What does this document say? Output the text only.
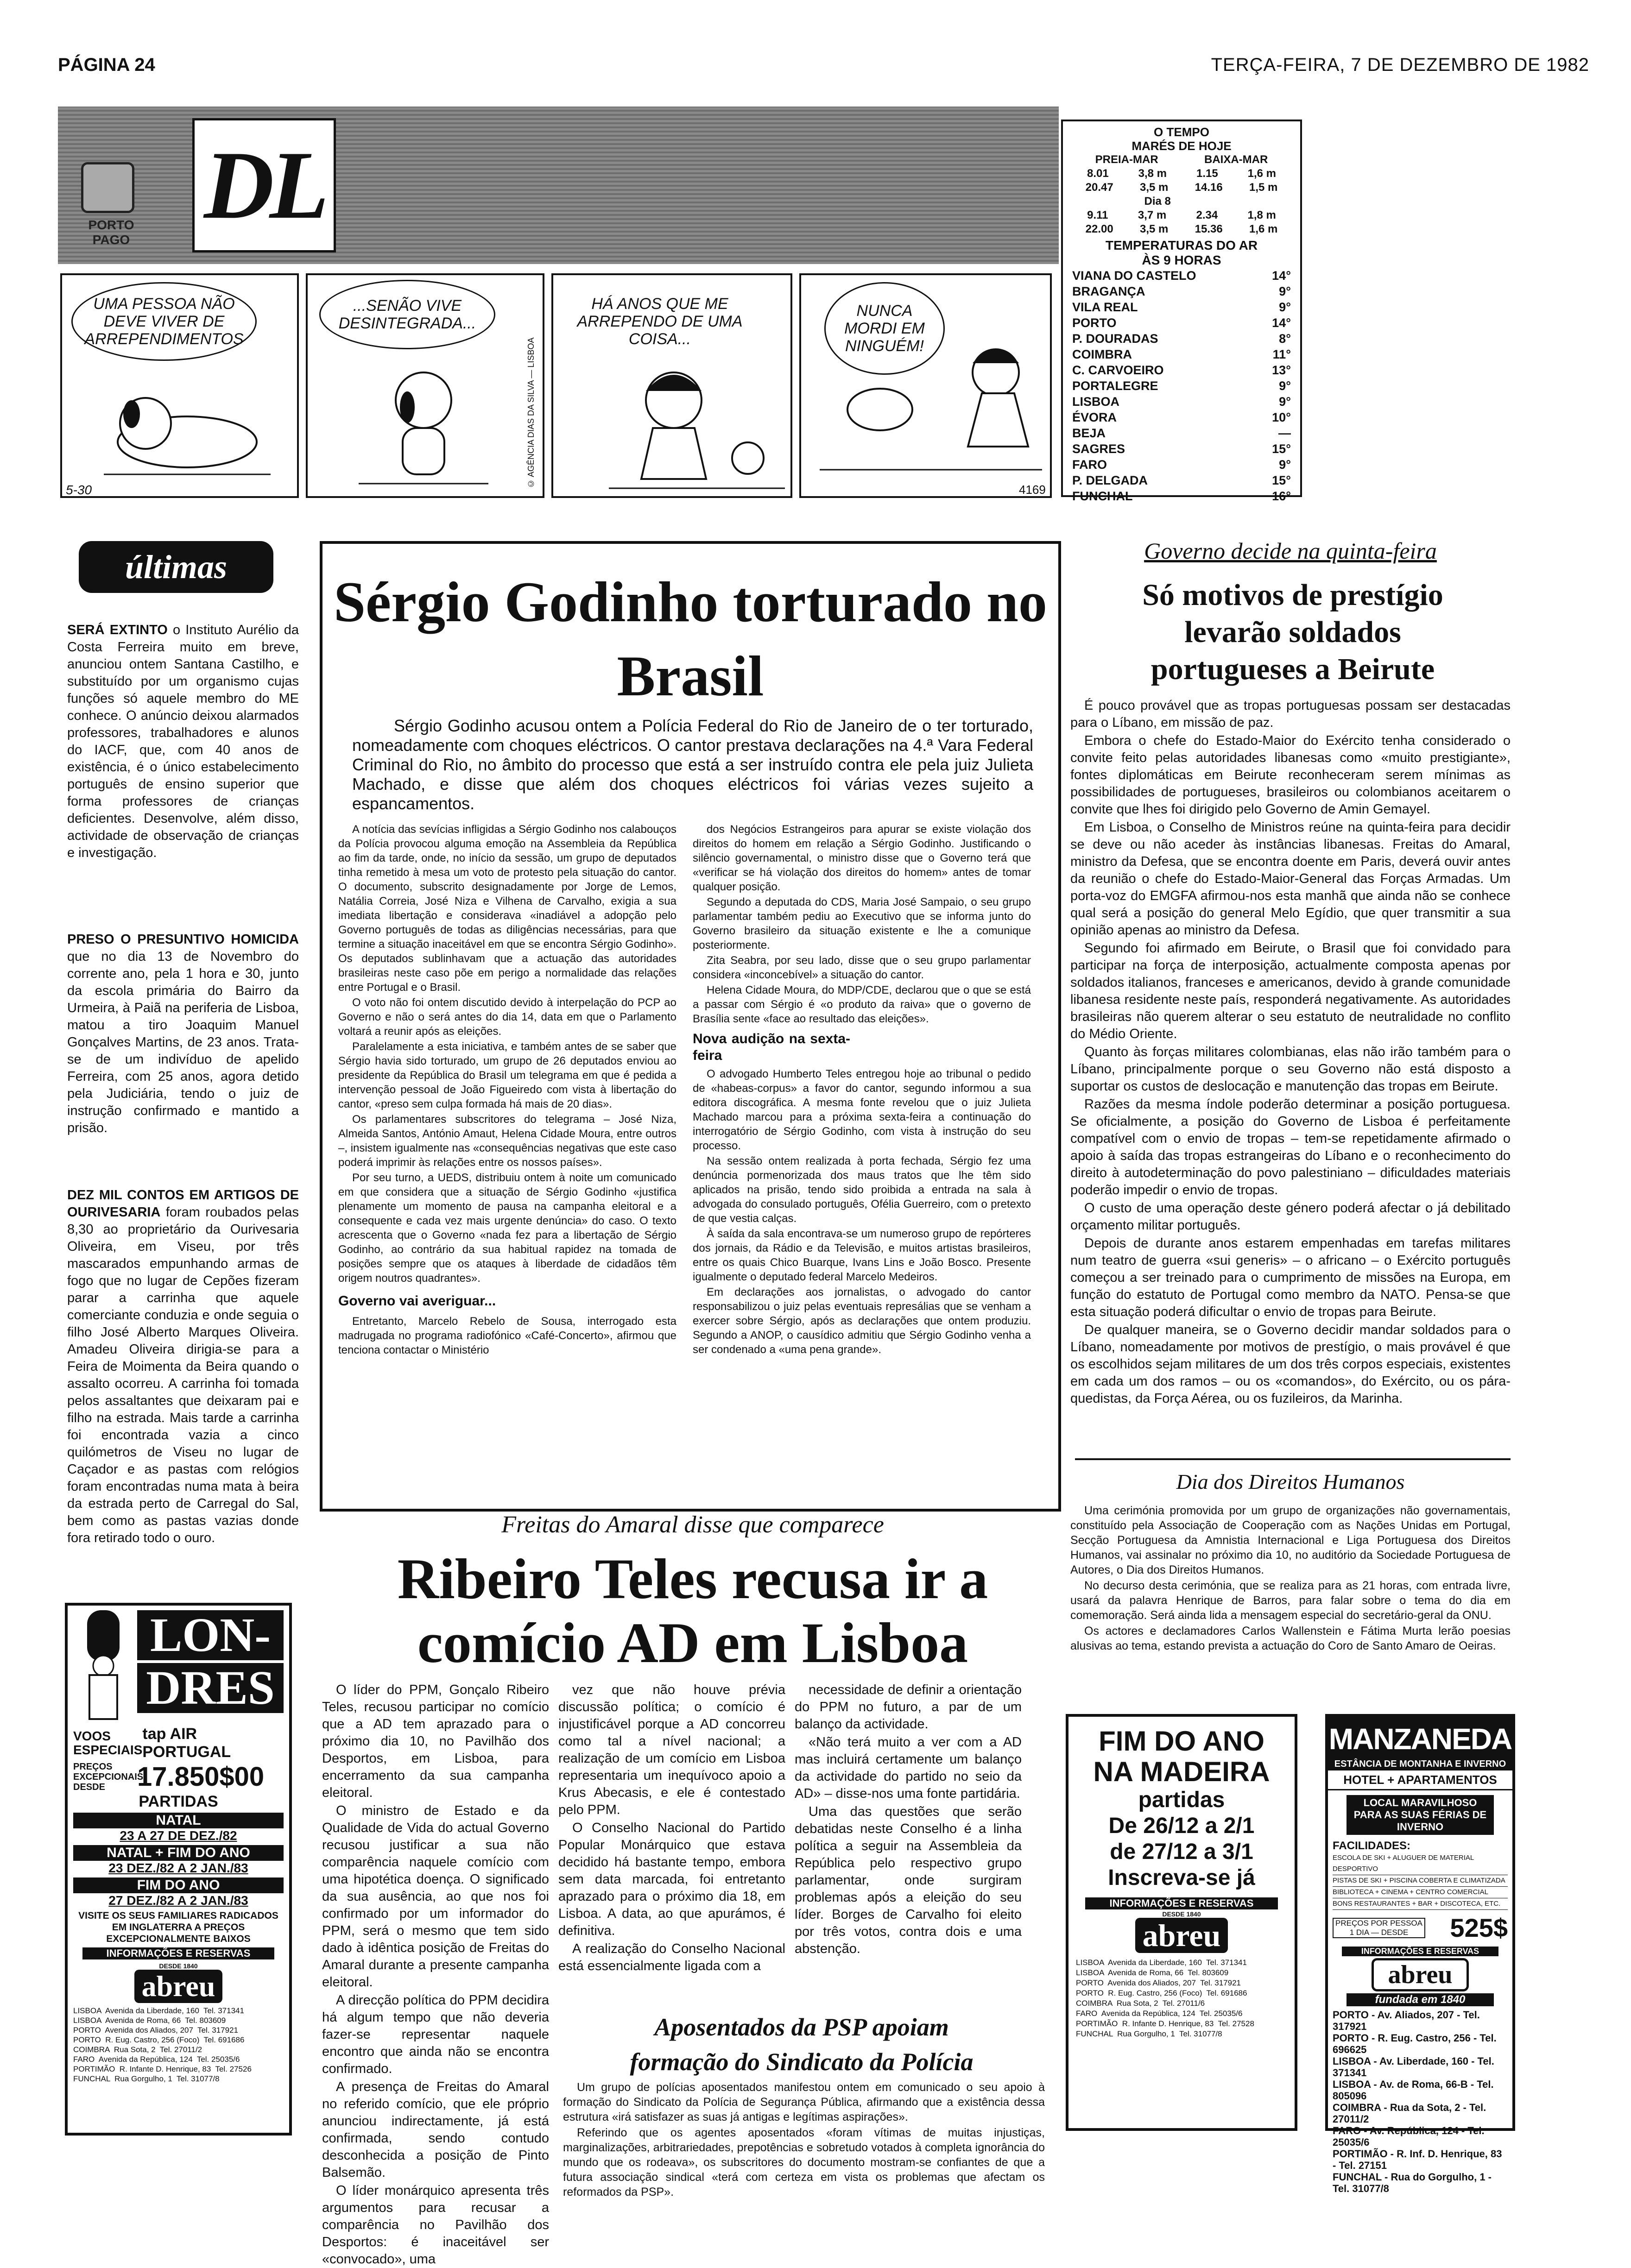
PÁGINA 24	TERÇA-FEIRA, 7 DE DEZEMBRO DE 1982
PORTO PAGO
DL	O TEMPO
MARÉS DE HOJE
PREIA-MAR	BAIXA-MAR
8.01	3,8 m	1.15	1,6 m
20.47 3,5 m 14.16 1,5 m
Dia 8
9.11	3,7 m	2.34	1,8 m
22.00 3,5 m 15.36 1,6 m
TEMPERATURAS DO AR
ÀS 9 HORAS
VIANA DO CASTELO	14°
BRAGANÇA	9°
VILA REAL	9°
PORTO	14°
P. DOURADAS	8°
COIMBRA	11°
C. CARVOEIRO	13°
PORTALEGRE	9°
LISBOA	9°
ÉVORA	10°
BEJA	—
SAGRES	15°
FARO	9°
P. DELGADA	15°
FUNCHAL	16°
UMA PESSOA NÃO DEVE VIVER DE ARREPENDIMENTOS
5-30
...SENÃO VIVE DESINTEGRADA...
© AGÊNCIA DIAS DA SILVA — LISBOA
HÁ ANOS QUE ME ARREPENDO DE UMA COISA...
NUNCA MORDI EM NINGUÉM!
4169
últimas

SERÁ EXTINTO o Instituto Aurélio da Costa Ferreira muito em breve, anunciou ontem Santana Castilho, e substituído por um organismo cujas funções só aquele membro do ME conhece. O anúncio deixou alarmados professores, trabalhadores e alunos do IACF, que, com 40 anos de existência, é o único estabelecimento português de ensino superior que forma professores de crianças deficientes. Desenvolve, além disso, actividade de observação de crianças e investigação.

PRESO O PRESUNTIVO HOMICIDA que no dia 13 de Novembro do corrente ano, pela 1 hora e 30, junto da escola primária do Bairro da Urmeira, à Paiã na periferia de Lisboa, matou a tiro Joaquim Manuel Gonçalves Martins, de 23 anos. Trata-se de um indivíduo de apelido Ferreira, com 25 anos, agora detido pela Judiciária, tendo o juiz de instrução confirmado e mantido a prisão.

DEZ MIL CONTOS EM ARTIGOS DE OURIVESARIA foram roubados pelas 8,30 ao proprietário da Ourivesaria Oliveira, em Viseu, por três mascarados empunhando armas de fogo que no lugar de Cepões fizeram parar a carrinha que aquele comerciante conduzia e onde seguia o filho José Alberto Marques Oliveira. Amadeu Oliveira dirigia-se para a Feira de Moimenta da Beira quando o assalto ocorreu. A carrinha foi tomada pelos assaltantes que deixaram pai e filho na estrada. Mais tarde a carrinha foi encontrada vazia a cinco quilómetros de Viseu no lugar de Caçador e as pastas com relógios foram encontradas numa mata à beira da estrada perto de Carregal do Sal, bem como as pastas vazias donde fora retirado todo o ouro.

LON-
DRES
VOOS ESPECIAIS
tap AIR PORTUGAL
PREÇOS EXCEPCIONAIS DESDE	17.850$00
PARTIDAS
NATAL
23 A 27 DE DEZ./82
NATAL + FIM DO ANO
23 DEZ./82 A 2 JAN./83
FIM DO ANO
27 DEZ./82 A 2 JAN./83
VISITE OS SEUS FAMILIARES RADICADOS EM INGLATERRA A PREÇOS EXCEPCIONALMENTE BAIXOS
INFORMAÇÕES E RESERVAS
DESDE 1840
abreu
LISBOA  Avenida da Liberdade, 160  Tel. 371341
LISBOA  Avenida de Roma, 66  Tel. 803609
PORTO  Avenida dos Aliados, 207  Tel. 317921
PORTO  R. Eug. Castro, 256 (Foco)  Tel. 691686
COIMBRA  Rua Sota, 2  Tel. 27011/2
FARO  Avenida da República, 124  Tel. 25035/6
PORTIMÃO  R. Infante D. Henrique, 83  Tel. 27526
FUNCHAL  Rua Gorgulho, 1  Tel. 31077/8
Sérgio Godinho torturado no Brasil
Sérgio Godinho acusou ontem a Polícia Federal do Rio de Janeiro de o ter torturado, nomeadamente com choques eléctricos. O cantor prestava declarações na 4.ª Vara Federal Criminal do Rio, no âmbito do processo que está a ser instruído contra ele pela juiz Julieta Machado, e disse que além dos choques eléctricos foi várias vezes sujeito a espancamentos.

A notícia das sevícias infligidas a Sérgio Godinho nos calabouços da Polícia provocou alguma emoção na Assembleia da República ao fim da tarde, onde, no início da sessão, um grupo de deputados tinha remetido à mesa um voto de protesto pela situação do cantor. O documento, subscrito designadamente por Jorge de Lemos, Natália Correia, José Niza e Vilhena de Carvalho, exigia a sua imediata libertação e considerava «inadiável a adopção pelo Governo português de todas as diligências necessárias, para que termine a situação inaceitável em que se encontra Sérgio Godinho». Os deputados sublinhavam que a actuação das autoridades brasileiras neste caso põe em perigo a normalidade das relações entre Portugal e o Brasil.

O voto não foi ontem discutido devido à interpelação do PCP ao Governo e não o será antes do dia 14, data em que o Parlamento voltará a reunir após as eleições.

Paralelamente a esta iniciativa, e também antes de se saber que Sérgio havia sido torturado, um grupo de 26 deputados enviou ao presidente da República do Brasil um telegrama em que é pedida a intervenção pessoal de João Figueiredo com vista à libertação do cantor, «preso sem culpa formada há mais de 20 dias».

Os parlamentares subscritores do telegrama – José Niza, Almeida Santos, António Amaut, Helena Cidade Moura, entre outros –, insistem igualmente nas «consequências negativas que este caso poderá imprimir às relações entre os nossos países».

Por seu turno, a UEDS, distribuiu ontem à noite um comunicado em que considera que a situação de Sérgio Godinho «justifica plenamente um momento de pausa na campanha eleitoral e a consequente e cada vez mais urgente denúncia» do caso. O texto acrescenta que o Governo «nada fez para a libertação de Sérgio Godinho, ao contrário da sua habitual rapidez na tomada de posições sempre que os ataques à liberdade de cidadãos têm origem noutros quadrantes».

Governo vai averiguar...

Entretanto, Marcelo Rebelo de Sousa, interrogado esta madrugada no programa radiofónico «Café-Concerto», afirmou que tenciona contactar o Ministério

dos Negócios Estrangeiros para apurar se existe violação dos direitos do homem em relação a Sérgio Godinho. Justificando o silêncio governamental, o ministro disse que o Governo terá que «verificar se há violação dos direitos do homem» antes de tomar qualquer posição.

Segundo a deputada do CDS, Maria José Sampaio, o seu grupo parlamentar também pediu ao Executivo que se informa junto do Governo brasileiro da situação existente e lhe a comunique posteriormente.

Zita Seabra, por seu lado, disse que o seu grupo parlamentar considera «inconcebível» a situação do cantor.

Helena Cidade Moura, do MDP/CDE, declarou que o que se está a passar com Sérgio é «o produto da raiva» que o governo de Brasília sente «face ao resultado das eleições».

Nova audição na sexta-feira

O advogado Humberto Teles entregou hoje ao tribunal o pedido de «habeas-corpus» a favor do cantor, segundo informou a sua editora discográfica. A mesma fonte revelou que o juiz Julieta Machado marcou para a próxima sexta-feira a continuação do interrogatório de Sérgio Godinho, com vista à instrução do seu processo.

Na sessão ontem realizada à porta fechada, Sérgio fez uma denúncia pormenorizada dos maus tratos que lhe têm sido aplicados na prisão, tendo sido proibida a entrada na sala à advogada do consulado português, Ofélia Guerreiro, com o pretexto de que vestia calças.

À saída da sala encontrava-se um numeroso grupo de repórteres dos jornais, da Rádio e da Televisão, e muitos artistas brasileiros, entre os quais Chico Buarque, Ivans Lins e João Bosco. Presente igualmente o deputado federal Marcelo Medeiros.

Em declarações aos jornalistas, o advogado do cantor responsabilizou o juiz pelas eventuais represálias que se venham a exercer sobre Sérgio, após as declarações que ontem produziu. Segundo a ANOP, o causídico admitiu que Sérgio Godinho venha a ser condenado a «uma pena grande».

Governo decide na quinta-feira
Só motivos de prestígio levarão soldados portugueses a Beirute

É pouco provável que as tropas portuguesas possam ser destacadas para o Líbano, em missão de paz.

Embora o chefe do Estado-Maior do Exército tenha considerado o convite feito pelas autoridades libanesas como «muito prestigiante», fontes diplomáticas em Beirute reconheceram serem mínimas as possibilidades de portugueses, brasileiros ou colombianos aceitarem o convite que lhes foi dirigido pelo Governo de Amin Gemayel.

Em Lisboa, o Conselho de Ministros reúne na quinta-feira para decidir se deve ou não aceder às instâncias libanesas. Freitas do Amaral, ministro da Defesa, que se encontra doente em Paris, deverá ouvir antes da reunião o chefe do Estado-Maior-General das Forças Armadas. Um porta-voz do EMGFA afirmou-nos esta manhã que ainda não se conhece qual será a posição do general Melo Egídio, que quer transmitir a sua opinião apenas ao ministro da Defesa.

Segundo foi afirmado em Beirute, o Brasil que foi convidado para participar na força de interposição, actualmente composta apenas por soldados italianos, franceses e americanos, devido à grande comunidade libanesa residente neste país, responderá negativamente. As autoridades brasileiras não querem alterar o seu estatuto de neutralidade no conflito do Médio Oriente.

Quanto às forças militares colombianas, elas não irão também para o Líbano, principalmente porque o seu Governo não está disposto a suportar os custos de deslocação e manutenção das tropas em Beirute.

Razões da mesma índole poderão determinar a posição portuguesa. Se oficialmente, a posição do Governo de Lisboa é perfeitamente compatível com o envio de tropas – tem-se repetidamente afirmado o apoio à saída das tropas estrangeiras do Líbano e o reconhecimento do direito à autodeterminação do povo palestiniano – dificuldades materiais poderão impedir o envio de tropas.

O custo de uma operação deste género poderá afectar o já debilitado orçamento militar português.

Depois de durante anos estarem empenhadas em tarefas militares num teatro de guerra «sui generis» – o africano – o Exército português começou a ser treinado para o cumprimento de missões na Europa, em função do estatuto de Portugal como membro da NATO. Pensa-se que esta situação poderá dificultar o envio de tropas para Beirute.

De qualquer maneira, se o Governo decidir mandar soldados para o Líbano, nomeadamente por motivos de prestígio, o mais provável é que os escolhidos sejam militares de um dos três corpos especiais, existentes em cada um dos ramos – ou os «comandos», do Exército, ou os pára-quedistas, da Força Aérea, ou os fuzileiros, da Marinha.

Dia dos Direitos Humanos

Uma cerimónia promovida por um grupo de organizações não governamentais, constituído pela Associação de Cooperação com as Nações Unidas em Portugal, Secção Portuguesa da Amnistia Internacional e Liga Portuguesa dos Direitos Humanos, vai assinalar no próximo dia 10, no auditório da Sociedade Portuguesa de Autores, o Dia dos Direitos Humanos.

No decurso desta cerimónia, que se realiza para as 21 horas, com entrada livre, usará da palavra Henrique de Barros, para falar sobre o tema do dia em comemoração. Será ainda lida a mensagem especial do secretário-geral da ONU.

Os actores e declamadores Carlos Wallenstein e Fátima Murta lerão poesias alusivas ao tema, estando prevista a actuação do Coro de Santo Amaro de Oeiras.

Freitas do Amaral disse que comparece
Ribeiro Teles recusa ir a comício AD em Lisboa

O líder do PPM, Gonçalo Ribeiro Teles, recusou participar no comício que a AD tem aprazado para o próximo dia 10, no Pavilhão dos Desportos, em Lisboa, para encerramento da sua campanha eleitoral.

O ministro de Estado e da Qualidade de Vida do actual Governo recusou justificar a sua não comparência naquele comício com uma hipotética doença. O significado da sua ausência, ao que nos foi confirmado por um informador do PPM, será o mesmo que tem sido dado à idêntica posição de Freitas do Amaral durante a presente campanha eleitoral.

A direcção política do PPM decidira há algum tempo que não deveria fazer-se representar naquele encontro que ainda não se encontra confirmado.

A presença de Freitas do Amaral no referido comício, que ele próprio anunciou indirectamente, já está confirmada, sendo contudo desconhecida a posição de Pinto Balsemão.

O líder monárquico apresenta três argumentos para recusar a comparência no Pavilhão dos Desportos: é inaceitável ser «convocado», uma

vez que não houve prévia discussão política; o comício é injustificável porque a AD concorreu como tal a nível nacional; a realização de um comício em Lisboa representaria um inequívoco apoio a Krus Abecasis, e ele é contestado pelo PPM.

O Conselho Nacional do Partido Popular Monárquico que estava decidido há bastante tempo, embora sem data marcada, foi entretanto aprazado para o próximo dia 18, em Lisboa. A data, ao que apurámos, é definitiva.

A realização do Conselho Nacional está essencialmente ligada com a

necessidade de definir a orientação do PPM no futuro, a par de um balanço da actividade.

«Não terá muito a ver com a AD mas incluirá certamente um balanço da actividade do partido no seio da AD» – disse-nos uma fonte partidária.

Uma das questões que serão debatidas neste Conselho é a linha política a seguir na Assembleia da República pelo respectivo grupo parlamentar, onde surgiram problemas após a eleição do seu líder. Borges de Carvalho foi eleito por três votos, contra dois e uma abstenção.

Aposentados da PSP apoiam
formação do Sindicato da Polícia

Um grupo de polícias aposentados manifestou ontem em comunicado o seu apoio à formação do Sindicato da Polícia de Segurança Pública, afirmando que a existência dessa estrutura «irá satisfazer as suas já antigas e legítimas aspirações».

Referindo que os agentes aposentados «foram vítimas de muitas injustiças, marginalizações, arbitrariedades, prepotências e sobretudo votados à completa ignorância do mundo que os rodeava», os subscritores do documento mostram-se confiantes de que a futura associação sindical «terá com certeza em vista os problemas que afectam os reformados da PSP».

FIM DO ANO
NA MADEIRA
partidas
De 26/12 a 2/1
de 27/12 a 3/1
Inscreva-se já
INFORMAÇÕES E RESERVAS
DESDE 1840
abreu
LISBOA  Avenida da Liberdade, 160  Tel. 371341
LISBOA  Avenida de Roma, 66  Tel. 803609
PORTO  Avenida dos Aliados, 207  Tel. 317921
PORTO  R. Eug. Castro, 256 (Foco)  Tel. 691686
COIMBRA  Rua Sota, 2  Tel. 27011/6
FARO  Avenida da República, 124  Tel. 25035/6
PORTIMÃO  R. Infante D. Henrique, 83  Tel. 27528
FUNCHAL  Rua Gorgulho, 1  Tel. 31077/8
MANZANEDA
ESTÂNCIA DE MONTANHA E INVERNO
HOTEL + APARTAMENTOS
LOCAL MARAVILHOSO PARA AS SUAS FÉRIAS DE INVERNO
FACILIDADES:
ESCOLA DE SKI + ALUGUER DE MATERIAL DESPORTIVO
PISTAS DE SKI + PISCINA COBERTA E CLIMATIZADA
BIBLIOTECA + CINEMA + CENTRO COMERCIAL
BONS RESTAURANTES + BAR + DISCOTECA, ETC.
PREÇOS POR PESSOA 1 DIA — DESDE	525$
INFORMAÇÕES E RESERVAS
abreu
fundada em 1840
PORTO - Av. Aliados, 207 - Tel. 317921
PORTO - R. Eug. Castro, 256 - Tel. 696625
LISBOA - Av. Liberdade, 160 - Tel. 371341
LISBOA - Av. de Roma, 66-B - Tel. 805096
COIMBRA - Rua da Sota, 2 - Tel. 27011/2
FARO - Av. República, 124 - Tel. 25035/6
PORTIMÃO - R. Inf. D. Henrique, 83 - Tel. 27151
FUNCHAL - Rua do Gorgulho, 1 - Tel. 31077/8
